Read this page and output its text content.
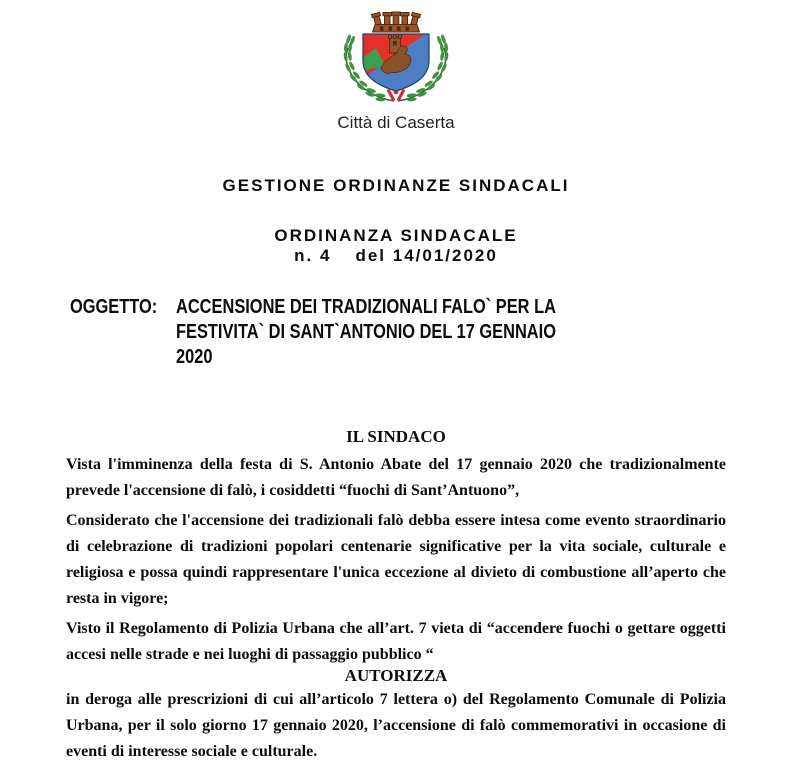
Città di Caserta
GESTIONE ORDINANZE SINDACALI
ORDINANZA SINDACALE
n. 4 del 14/01/2020
OGGETTO: ACCENSIONE DEI TRADIZIONALI FALO` PER LA
FESTIVITA` DI SANT`ANTONIO DEL 17 GENNAIO
2020
IL SINDACO

Vista l'imminenza della festa di S. Antonio Abate del 17 gennaio 2020 che tradizionalmente prevede l'accensione di falò, i cosiddetti “fuochi di Sant’Antuono”,

Considerato che l'accensione dei tradizionali falò debba essere intesa come evento straordinario di celebrazione di tradizioni popolari centenarie significative per la vita sociale, culturale e religiosa e possa quindi rappresentare l'unica eccezione al divieto di combustione all’aperto che resta in vigore;

Visto il Regolamento di Polizia Urbana che all’art. 7 vieta di “accendere fuochi o gettare oggetti accesi nelle strade e nei luoghi di passaggio pubblico “

AUTORIZZA

in deroga alle prescrizioni di cui all’articolo 7 lettera o) del Regolamento Comunale di Polizia Urbana, per il solo giorno 17 gennaio 2020, l’accensione di falò commemorativi in occasione di eventi di interesse sociale e culturale.
